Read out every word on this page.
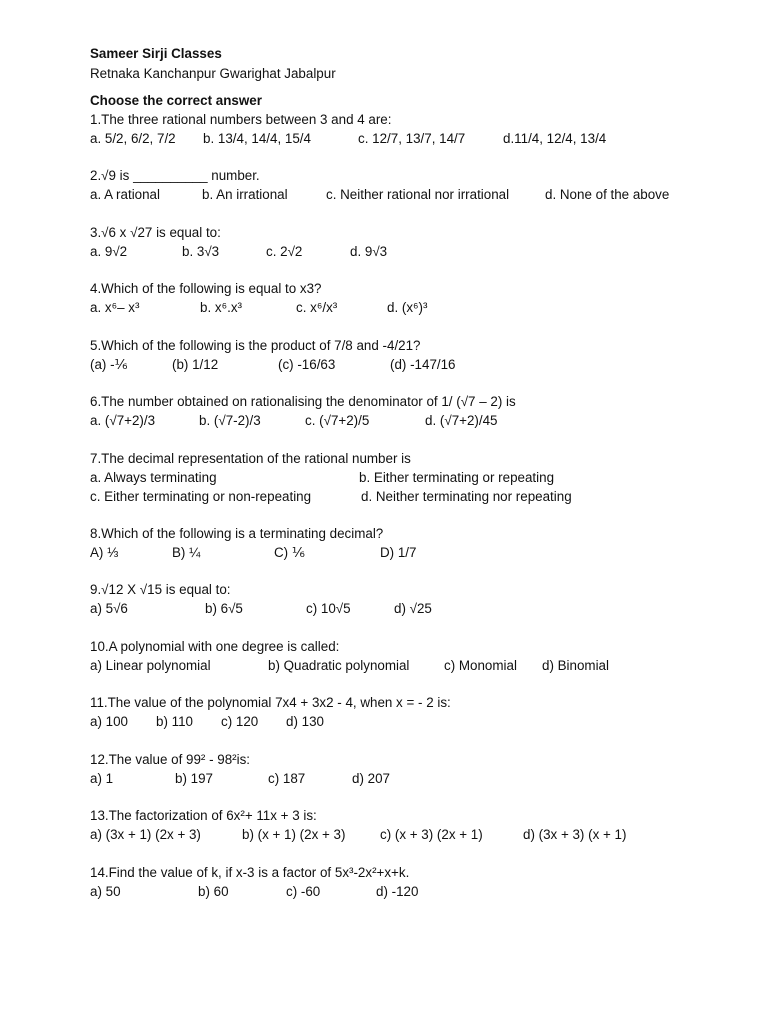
Sameer Sirji Classes
Retnaka Kanchanpur Gwarighat Jabalpur
Choose the correct answer
1.The three rational numbers between 3 and 4 are:
a. 5/2, 6/2, 7/2 b. 13/4, 14/4, 15/4	c. 12/7, 13/7, 14/7	d.11/4, 12/4, 13/4
2.√9 is __________ number.
a. A rational	b. An irrational	c. Neither rational nor irrational	d. None of the above
3.√6 x √27 is equal to:
a. 9√2	b. 3√3	c. 2√2	d. 9√3
4.Which of the following is equal to x3?
a. x⁶– x³	b. x⁶.x³	c. x⁶/x³	d. (x⁶)³
5.Which of the following is the product of 7/8 and -4/21?
(a) -⅙	(b) 1/12	(c) -16/63	(d) -147/16
6.The number obtained on rationalising the denominator of 1/ (√7 – 2) is
a. (√7+2)/3	b. (√7-2)/3	c. (√7+2)/5	d. (√7+2)/45
7.The decimal representation of the rational number is
a. Always terminating	b. Either terminating or repeating
c. Either terminating or non-repeating	d. Neither terminating nor repeating
8.Which of the following is a terminating decimal?
A) ⅓	B) ¼	C) ⅙	D) 1/7
9.√12 X √15 is equal to:
a) 5√6	b) 6√5	c) 10√5	d) √25
10.A polynomial with one degree is called:
a) Linear polynomial	b) Quadratic polynomial	c) Monomial d) Binomial
11.The value of the polynomial 7x4 + 3x2 - 4, when x = - 2 is:
a) 100 b) 110 c) 120 d) 130
12.The value of 99² - 98²is:
a) 1	b) 197	c) 187	d) 207
13.The factorization of 6x²+ 11x + 3 is:
a) (3x + 1) (2x + 3)	b) (x + 1) (2x + 3)	c) (x + 3) (2x + 1)	d) (3x + 3) (x + 1)
14.Find the value of k, if x-3 is a factor of 5x³-2x²+x+k.
a) 50	b) 60	c) -60	d) -120
